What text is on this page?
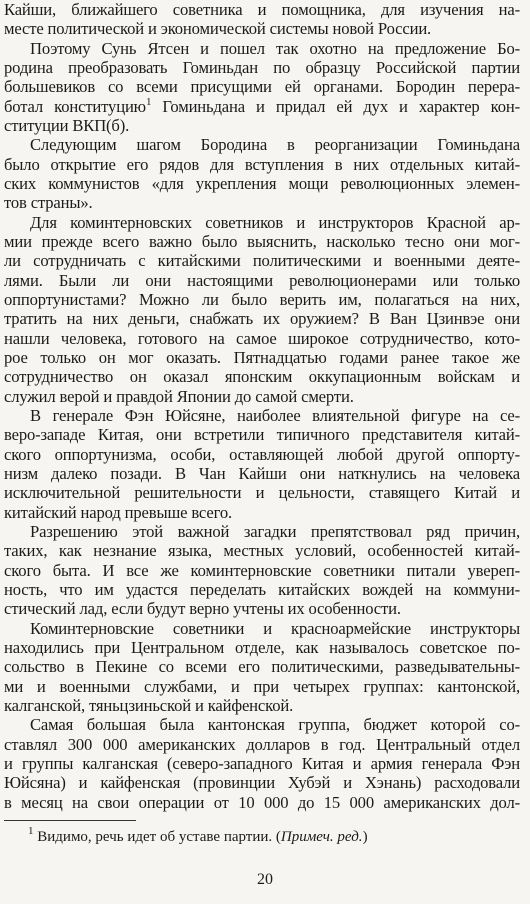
Кайши, ближайшего советника и помощника, для изучения на-
месте политической и экономической системы новой России.
Поэтому Сунь Ятсен и пошел так охотно на предложение Бо-
родина преобразовать Гоминьдан по образцу Российской партии
большевиков со всеми присущими ей органами. Бородин перера-
ботал конституцию$^1$ Гоминьдана и придал ей дух и характер кон-
ституции ВКП(б).
Следующим шагом Бородина в реорганизации Гоминьдана
было открытие его рядов для вступления в них отдельных китай-
ских коммунистов «для укрепления мощи революционных элемен-
тов страны».
Для коминтерновских советников и инструкторов Красной ар-
мии прежде всего важно было выяснить, насколько тесно они мог-
ли сотрудничать с китайскими политическими и военными деяте-
лями. Были ли они настоящими революционерами или только
оппортунистами? Можно ли было верить им, полагаться на них,
тратить на них деньги, снабжать их оружием? В Ван Цзинвэе они
нашли человека, готового на самое широкое сотрудничество, кото-
рое только он мог оказать. Пятнадцатью годами ранее такое же
сотрудничество он оказал японским оккупационным войскам и
служил верой и правдой Японии до самой смерти.
В генерале Фэн Юйсяне, наиболее влиятельной фигуре на се-
веро-западе Китая, они встретили типичного представителя китай-
ского оппортунизма, особи, оставляющей любой другой оппорту-
низм далеко позади. В Чан Кайши они наткнулись на человека
исключительной решительности и цельности, ставящего Китай и
китайский народ превыше всего.
Разрешению этой важной загадки препятствовал ряд причин,
таких, как незнание языка, местных условий, особенностей китай-
ского быта. И все же коминтерновские советники питали увереп-
ность, что им удастся переделать китайских вождей на коммуни-
стический лад, если будут верно учтены их особенности.
Коминтерновские советники и красноармейские инструкторы
находились при Центральном отделе, как называлось советское по-
сольство в Пекине со всеми его политическими, разведывательны-
ми и военными службами, и при четырех группах: кантонской,
калганской, тяньцзиньской и кайфенской.
Самая большая была кантонская группа, бюджет которой со-
ставлял 300 000 американских долларов в год. Центральный отдел
и группы калганская (северо-западного Китая и армия генерала Фэн
Юйсяна) и кайфенская (провинции Хубэй и Хэнань) расходовали
в месяц на свои операции от 10 000 до 15 000 американских дол-
$^1$ Видимо, речь идет об уставе партии. (Примеч. ред.)
20
